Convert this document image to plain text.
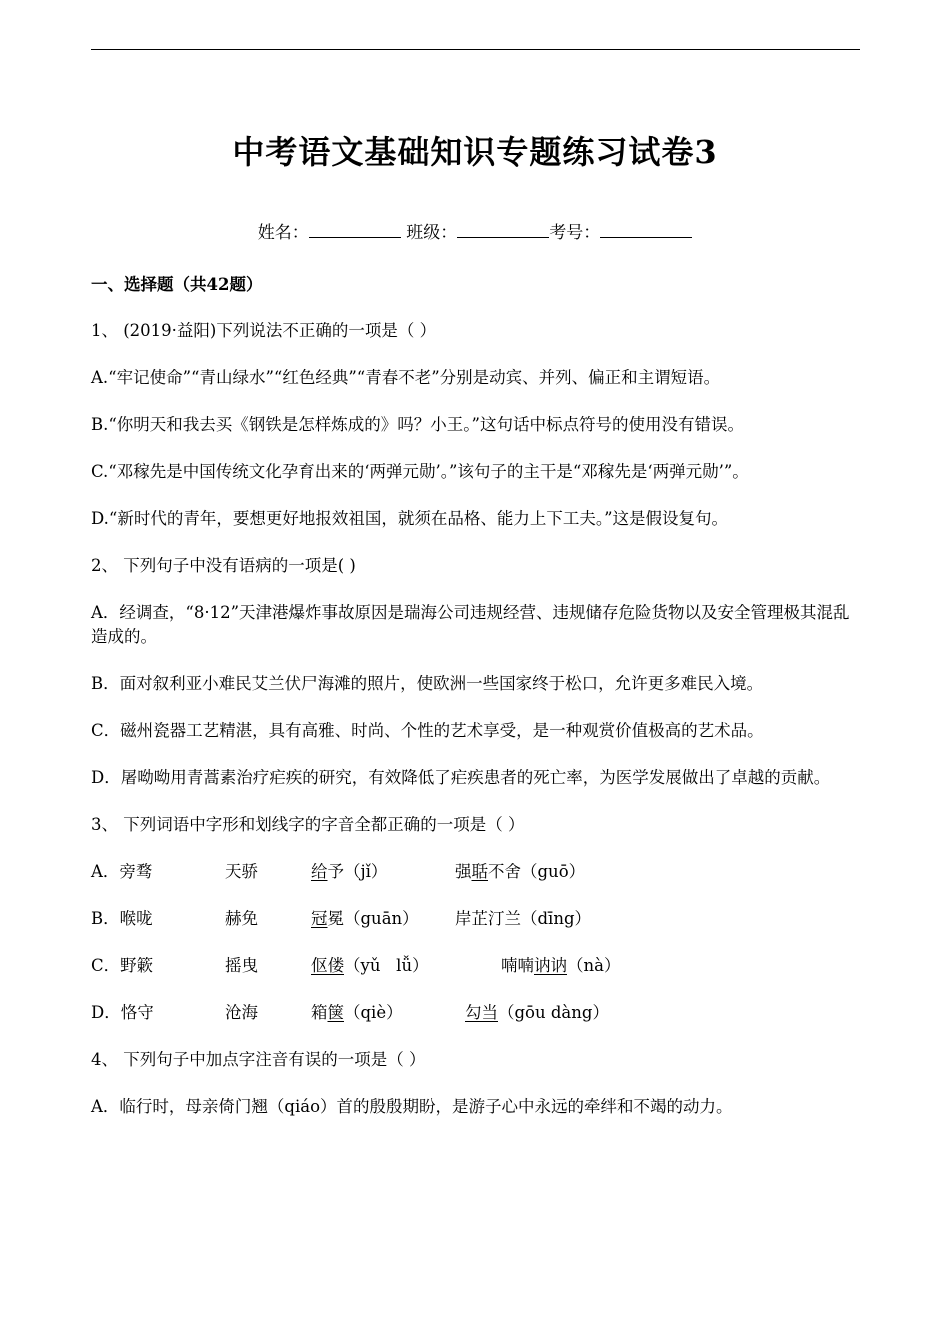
中考语文基础知识专题练习试卷3
姓名：	班级：	考号：
一、选择题（共42题）
1、 (2019·益阳)下列说法不正确的一项是（ ）
A.“牢记使命”“青山绿水”“红色经典”“青春不老”分别是动宾、并列、偏正和主谓短语。
B.“你明天和我去买《钢铁是怎样炼成的》吗？小王。”这句话中标点符号的使用没有错误。
C.“邓稼先是中国传统文化孕育出来的‘两弹元勋’。”该句子的主干是“邓稼先是‘两弹元勋’”。
D.“新时代的青年，要想更好地报效祖国，就须在品格、能力上下工夫。”这是假设复句。
2、 下列句子中没有语病的一项是( )
A．经调查，“8·12”天津港爆炸事故原因是瑞海公司违规经营、违规储存危险货物以及安全管理极其混乱造成的。
B．面对叙利亚小难民艾兰伏尸海滩的照片，使欧洲一些国家终于松口，允许更多难民入境。
C．磁州瓷器工艺精湛，具有高雅、时尚、个性的艺术享受，是一种观赏价值极高的艺术品。
D．屠呦呦用青蒿素治疗疟疾的研究，有效降低了疟疾患者的死亡率，为医学发展做出了卓越的贡献。
3、 下列词语中字形和划线字的字音全都正确的一项是（ ）
A．旁骛	天骄	给予（jǐ）	强聒不舍（guō）
B．喉咙	赫免	冠冕（guān）	岸芷汀兰（dīng）
C．野簌	摇曳	伛偻（yǔ   lǚ）	喃喃讷讷（nà）
D．恪守	沧海	箱箧（qiè）	勾当（gōu dàng）
4、 下列句子中加点字注音有误的一项是（ ）
A．临行时，母亲倚门翘（qiáo）首的殷殷期盼，是游子心中永远的牵绊和不竭的动力。
